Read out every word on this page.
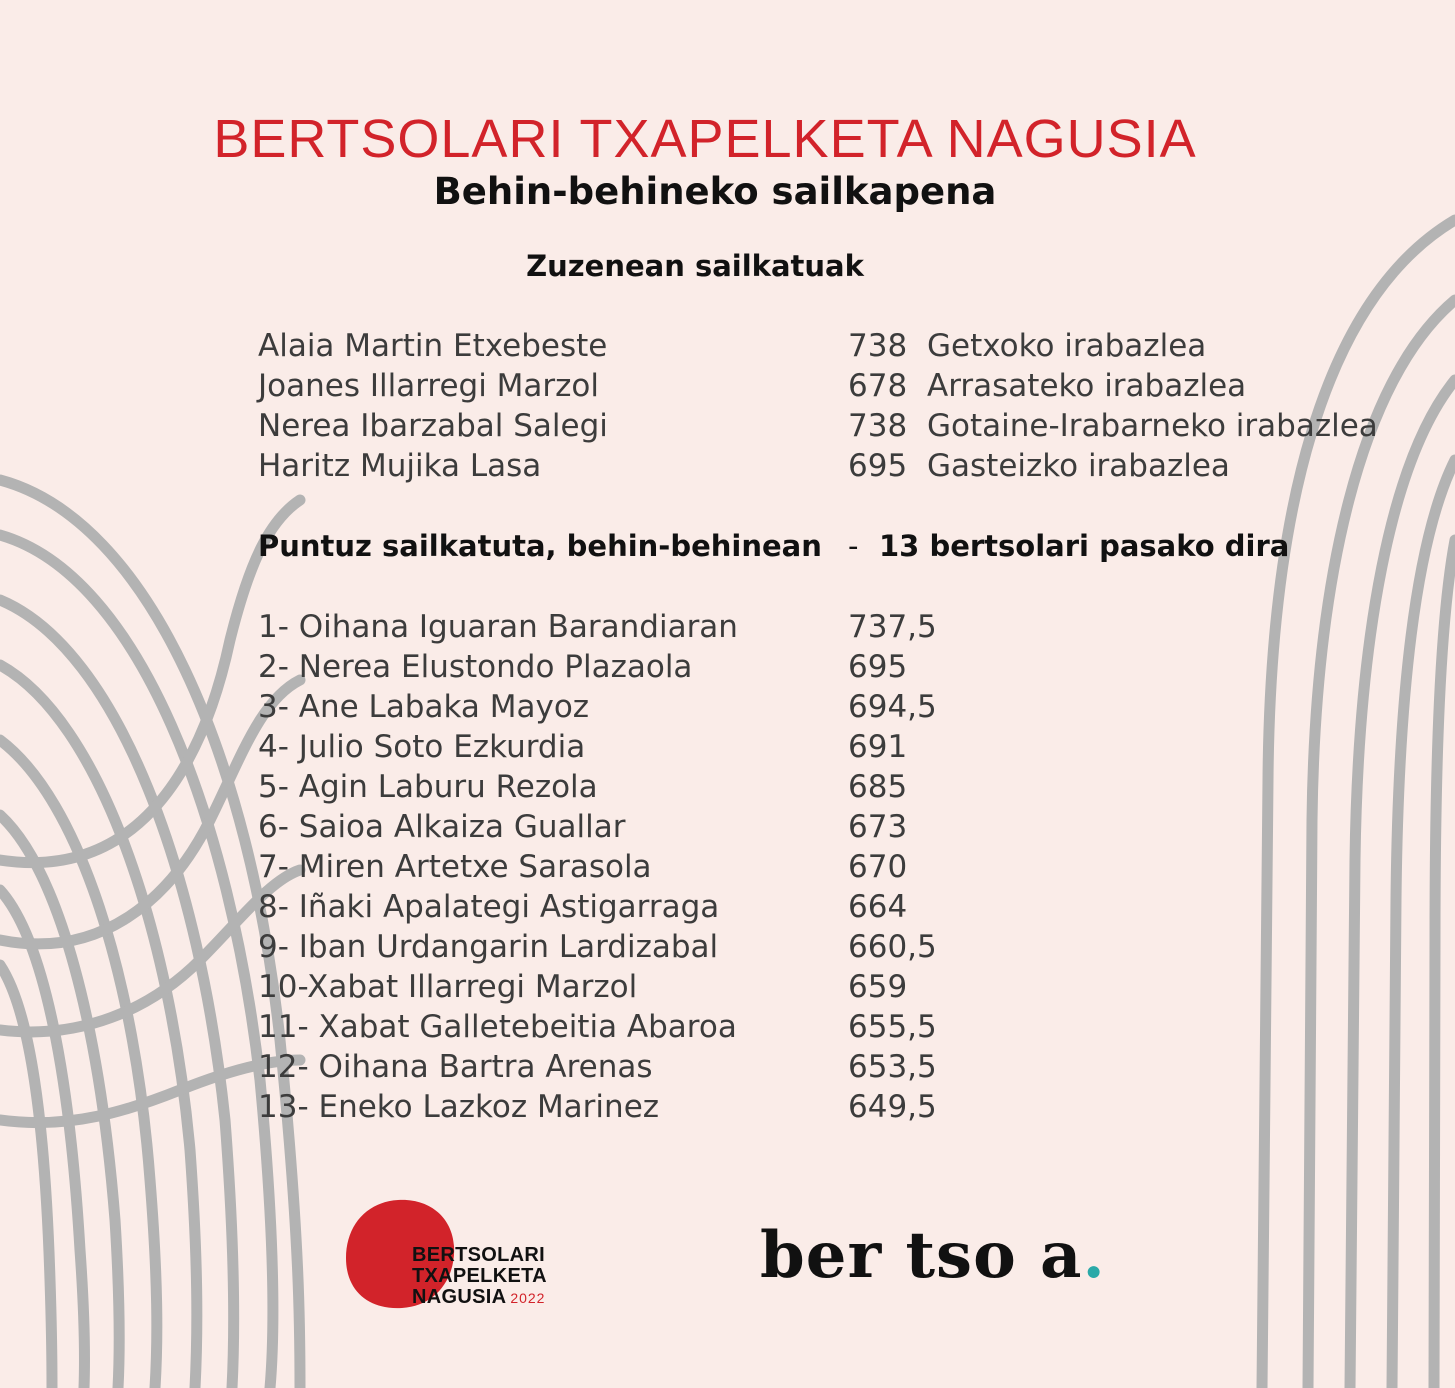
BERTSOLARI TXAPELKETA NAGUSIA
Behin-behineko sailkapena
Zuzenean sailkatuak
Alaia Martin Etxebeste	738 Getxoko irabazlea
Joanes Illarregi Marzol	678 Arrasateko irabazlea
Nerea Ibarzabal Salegi	738 Gotaine-Irabarneko irabazlea
Haritz Mujika Lasa	695 Gasteizko irabazlea
Puntuz sailkatuta, behin-behinean - 13 bertsolari pasako dira
1- Oihana Iguaran Barandiaran	737,5
2- Nerea Elustondo Plazaola	695
3- Ane Labaka Mayoz	694,5
4- Julio Soto Ezkurdia	691
5- Agin Laburu Rezola	685
6- Saioa Alkaiza Guallar	673
7- Miren Artetxe Sarasola	670
8- Iñaki Apalategi Astigarraga	664
9- Iban Urdangarin Lardizabal	660,5
10-Xabat Illarregi Marzol	659
11- Xabat Galletebeitia Abaroa	655,5
12- Oihana Bartra Arenas	653,5
13- Eneko Lazkoz Marinez	649,5
BERTSOLARI
TXAPELKETA
NAGUSIA 2022
ber tso a.
